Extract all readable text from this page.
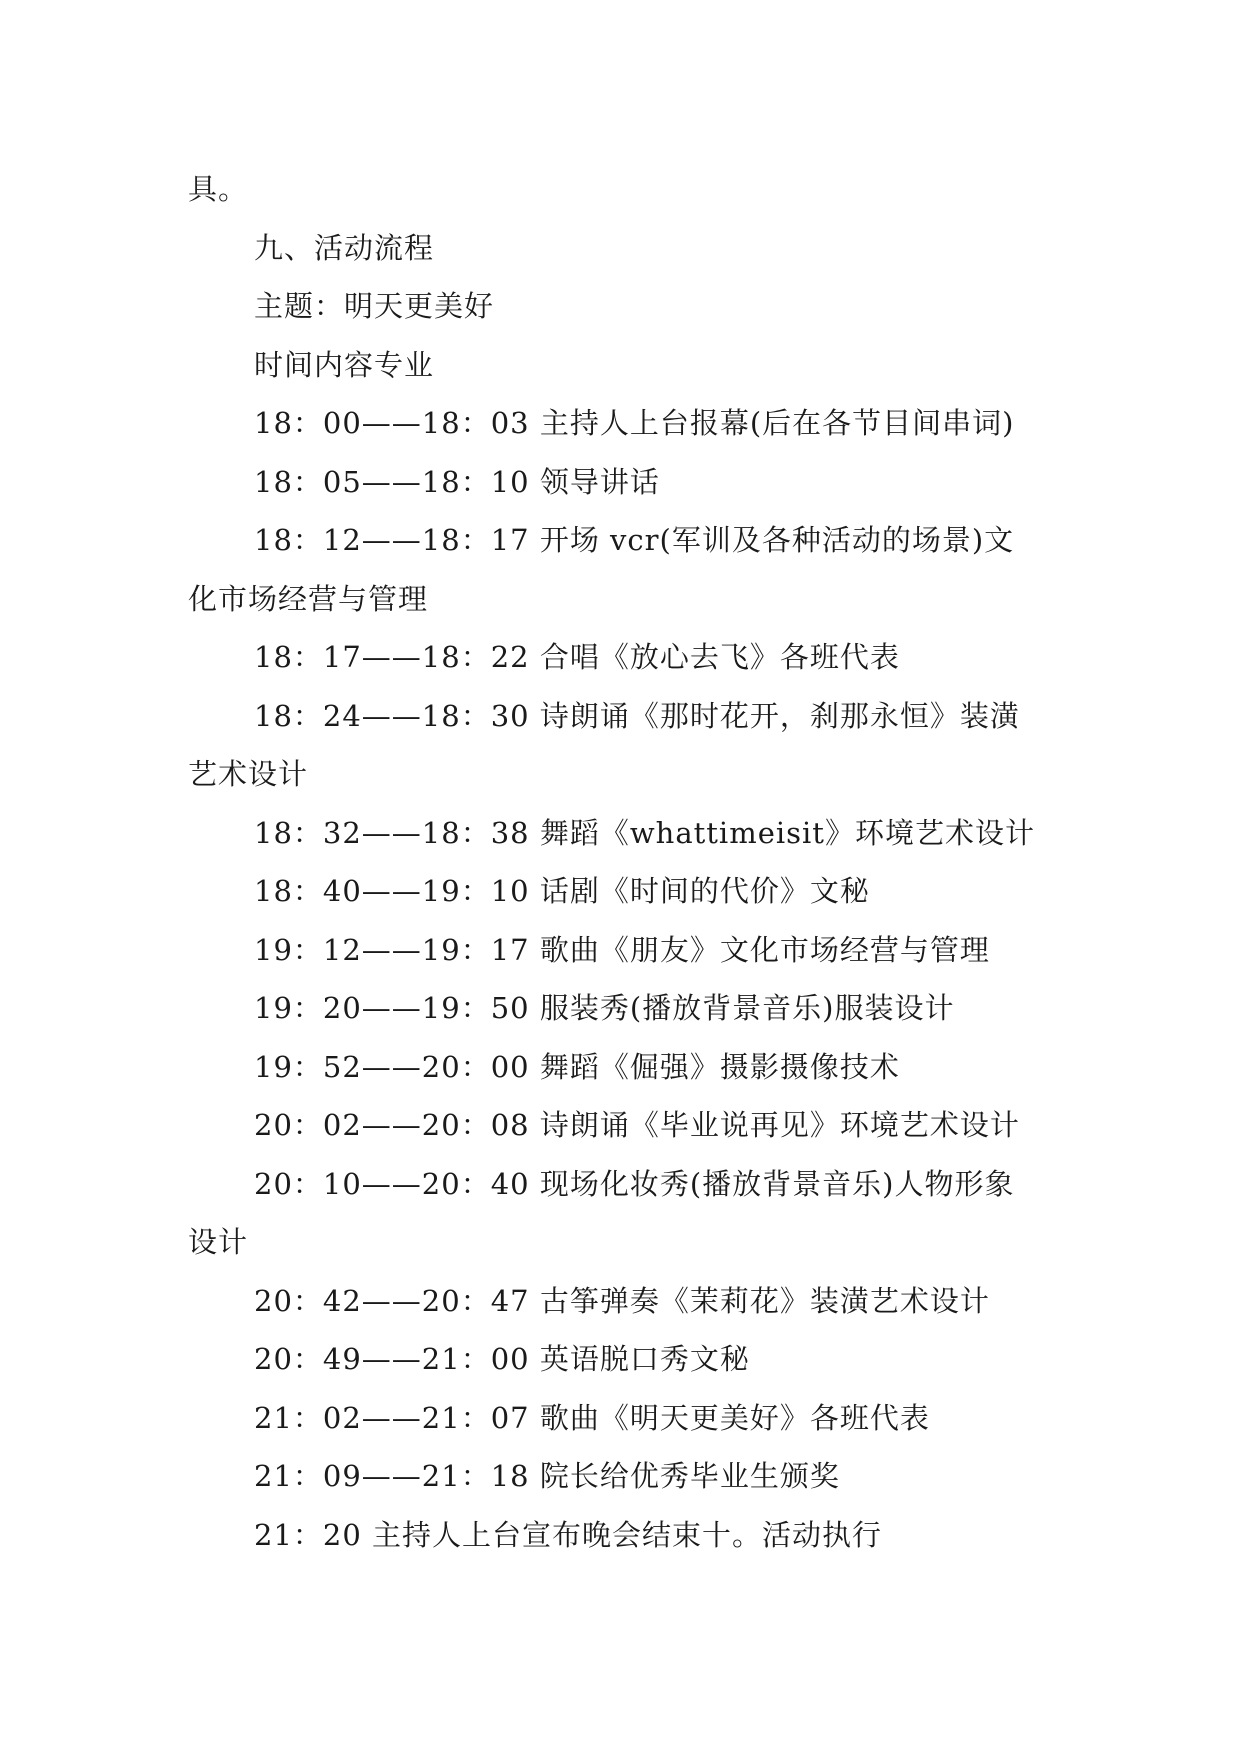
具。
九、活动流程
主题：明天更美好
时间内容专业
18：00——18：03 主持人上台报幕(后在各节目间串词)
18：05——18：10 领导讲话
18：12——18：17 开场 vcr(军训及各种活动的场景)文
化市场经营与管理
18：17——18：22 合唱《放心去飞》各班代表
18：24——18：30 诗朗诵《那时花开，刹那永恒》装潢
艺术设计
18：32——18：38 舞蹈《whattimeisit》环境艺术设计
18：40——19：10 话剧《时间的代价》文秘
19：12——19：17 歌曲《朋友》文化市场经营与管理
19：20——19：50 服装秀(播放背景音乐)服装设计
19：52——20：00 舞蹈《倔强》摄影摄像技术
20：02——20：08 诗朗诵《毕业说再见》环境艺术设计
20：10——20：40 现场化妆秀(播放背景音乐)人物形象
设计
20：42——20：47 古筝弹奏《茉莉花》装潢艺术设计
20：49——21：00 英语脱口秀文秘
21：02——21：07 歌曲《明天更美好》各班代表
21：09——21：18 院长给优秀毕业生颁奖
21：20 主持人上台宣布晚会结束十。活动执行
